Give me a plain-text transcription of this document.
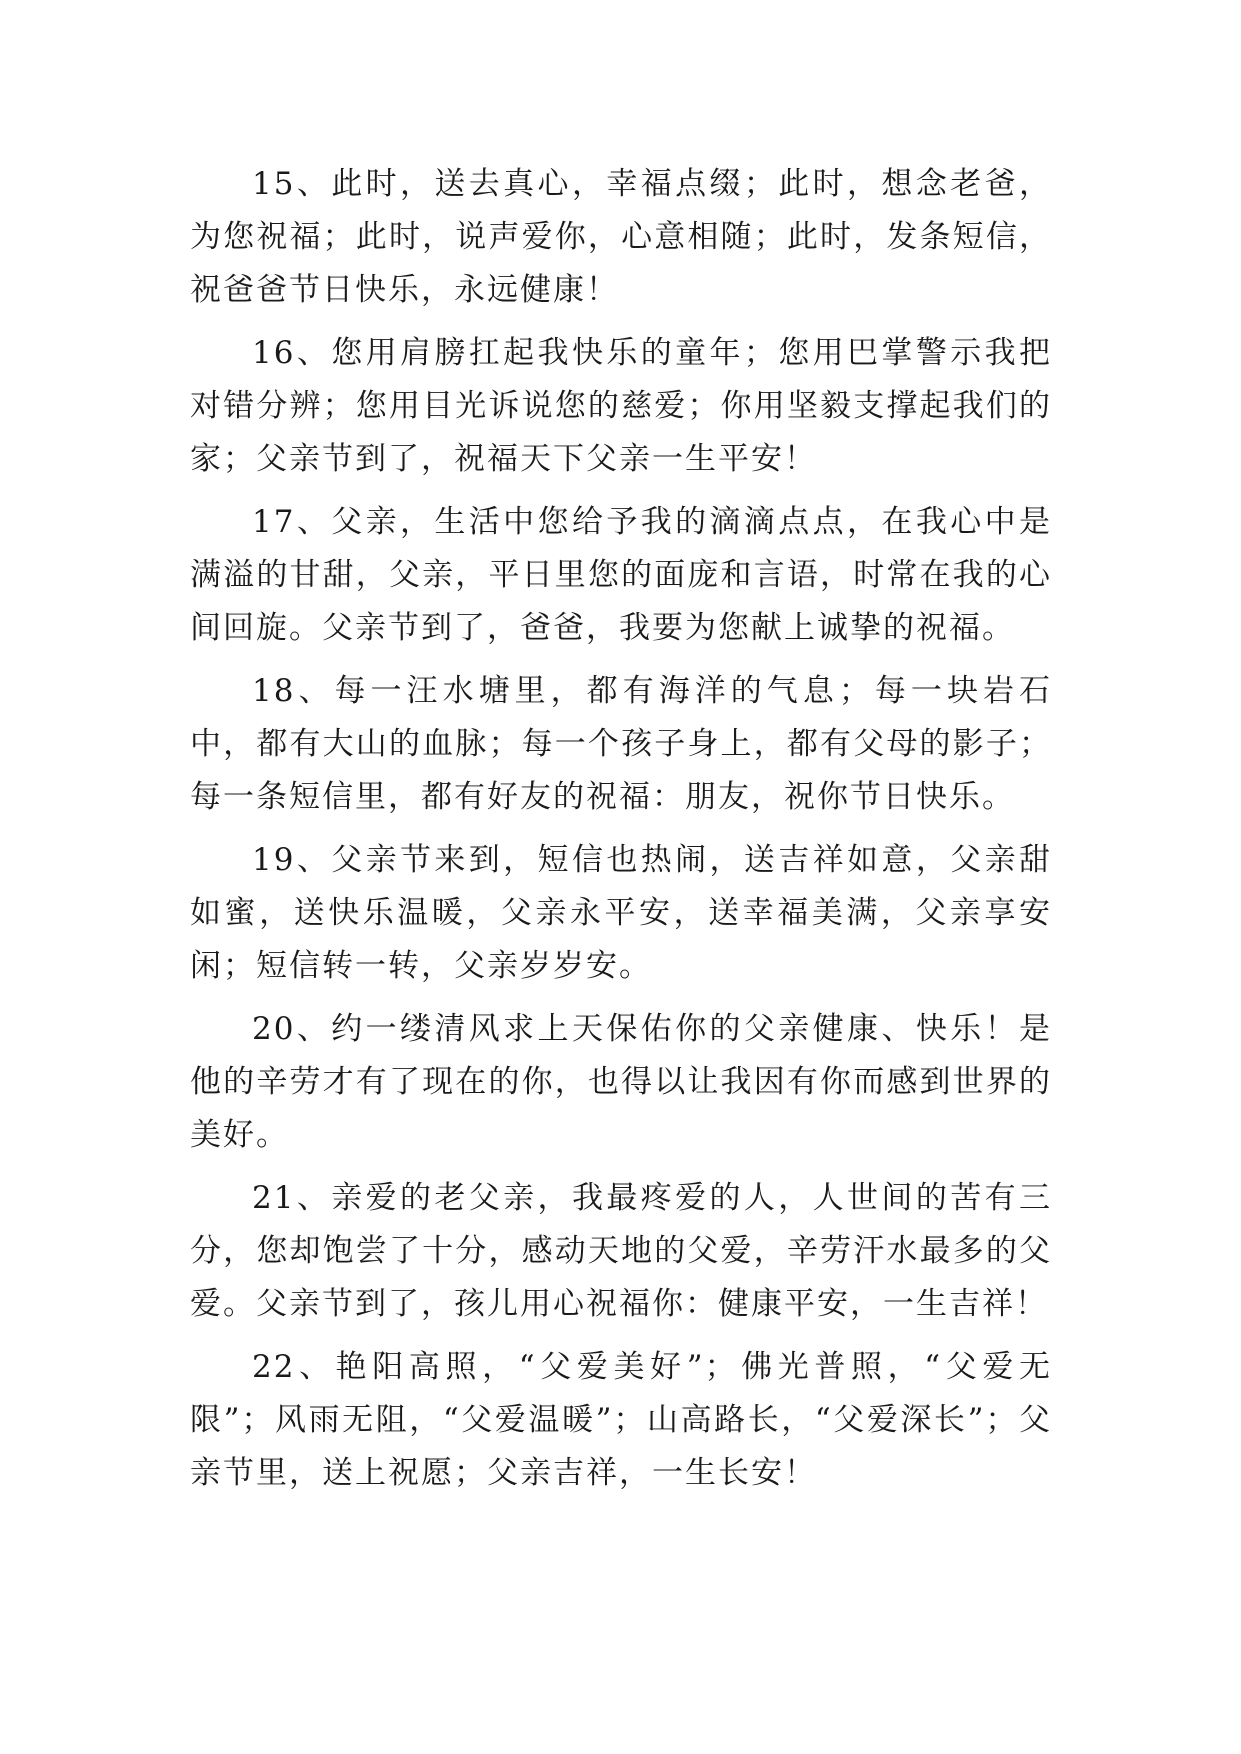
15、此时，送去真心，幸福点缀；此时，想念老爸，为您祝福；此时，说声爱你，心意相随；此时，发条短信，祝爸爸节日快乐，永远健康！

16、您用肩膀扛起我快乐的童年；您用巴掌警示我把对错分辨；您用目光诉说您的慈爱；你用坚毅支撑起我们的家；父亲节到了，祝福天下父亲一生平安！

17、父亲，生活中您给予我的滴滴点点，在我心中是满溢的甘甜，父亲，平日里您的面庞和言语，时常在我的心间回旋。父亲节到了，爸爸，我要为您献上诚挚的祝福。

18、每一汪水塘里，都有海洋的气息；每一块岩石中，都有大山的血脉；每一个孩子身上，都有父母的影子；每一条短信里，都有好友的祝福：朋友，祝你节日快乐。

19、父亲节来到，短信也热闹，送吉祥如意，父亲甜如蜜，送快乐温暖，父亲永平安，送幸福美满，父亲享安闲；短信转一转，父亲岁岁安。

20、约一缕清风求上天保佑你的父亲健康、快乐！是他的辛劳才有了现在的你，也得以让我因有你而感到世界的美好。

21、亲爱的老父亲，我最疼爱的人，人世间的苦有三分，您却饱尝了十分，感动天地的父爱，辛劳汗水最多的父爱。父亲节到了，孩儿用心祝福你：健康平安，一生吉祥！

22、艳阳高照，“父爱美好”；佛光普照，“父爱无限”；风雨无阻，“父爱温暖”；山高路长，“父爱深长”；父亲节里，送上祝愿；父亲吉祥，一生长安！
